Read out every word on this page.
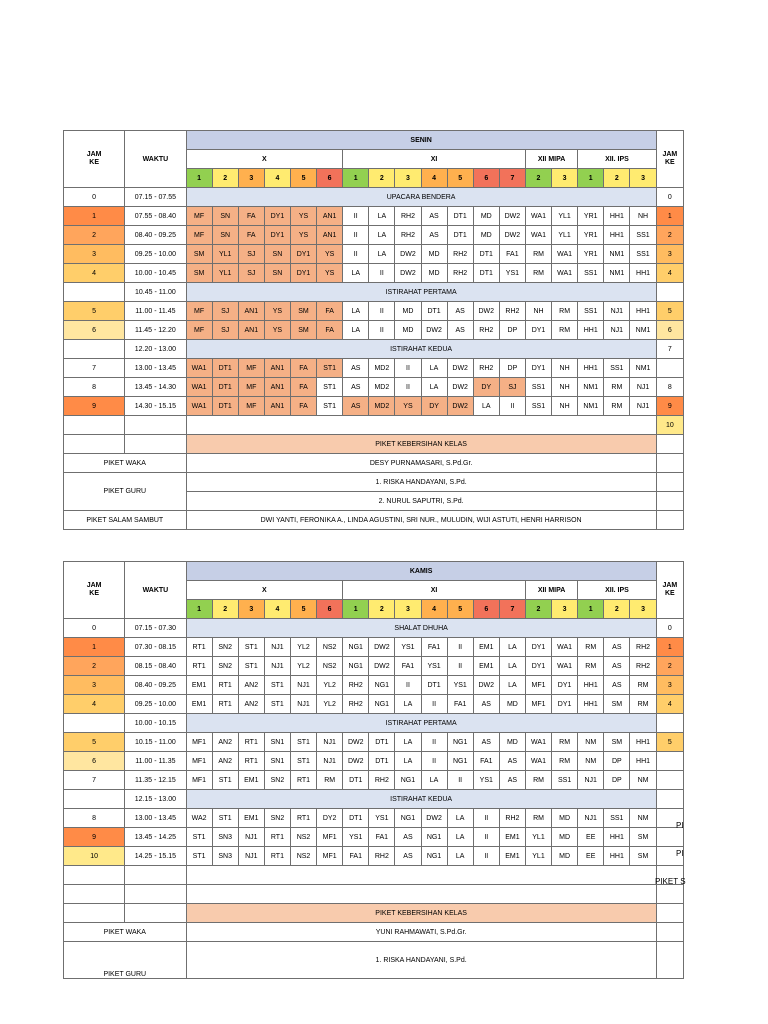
JAM
KE	WAKTU	SENIN																		JAM
KE
		X						XI							XII MIPA		XII. IPS			
		1	2	3	4	5	6	1	2	3	4	5	6	7	2	3	1	2	3	
0	07.15 - 07.55	UPACARA BENDERA																		0
1	07.55 - 08.40	MF	SN	FA	DY1	YS	AN1	II	LA	RH2	AS	DT1	MD	DW2	WA1	YL1	YR1	HH1	NH	1
2	08.40 - 09.25	MF	SN	FA	DY1	YS	AN1	II	LA	RH2	AS	DT1	MD	DW2	WA1	YL1	YR1	HH1	SS1	2
3	09.25 - 10.00	SM	YL1	SJ	SN	DY1	YS	II	LA	DW2	MD	RH2	DT1	FA1	RM	WA1	YR1	NM1	SS1	3
4	10.00 - 10.45	SM	YL1	SJ	SN	DY1	YS	LA	II	DW2	MD	RH2	DT1	YS1	RM	WA1	SS1	NM1	HH1	4
	10.45 - 11.00	ISTIRAHAT PERTAMA																		
5	11.00 - 11.45	MF	SJ	AN1	YS	SM	FA	LA	II	MD	DT1	AS	DW2	RH2	NH	RM	SS1	NJ1	HH1	5
6	11.45 - 12.20	MF	SJ	AN1	YS	SM	FA	LA	II	MD	DW2	AS	RH2	DP	DY1	RM	HH1	NJ1	NM1	6
	12.20 - 13.00	ISTIRAHAT KEDUA																		7
7	13.00 - 13.45	WA1	DT1	MF	AN1	FA	ST1	AS	MD2	II	LA	DW2	RH2	DP	DY1	NH	HH1	SS1	NM1	
8	13.45 - 14.30	WA1	DT1	MF	AN1	FA	ST1	AS	MD2	II	LA	DW2	DY	SJ	SS1	NH	NM1	RM	NJ1	8
9	14.30 - 15.15	WA1	DT1	MF	AN1	FA	ST1	AS	MD2	YS	DY	DW2	LA	II	SS1	NH	NM1	RM	NJ1	9
																				10
		PIKET KEBERSIHAN KELAS																		
PIKET WAKA		DESY PURNAMASARI, S.Pd.Gr.																		
PIKET GURU		1. RISKA HANDAYANI, S.Pd.																		
		2. NURUL SAPUTRI, S.Pd.																		
PIKET SALAM SAMBUT		DWI YANTI, FERONIKA A., LINDA AGUSTINI, SRI NUR., MULUDIN, WIJI ASTUTI, HENRI HARRISON																		
JAM
KE	WAKTU	KAMIS																		JAM
KE
		X						XI							XII MIPA		XII. IPS			
		1	2	3	4	5	6	1	2	3	4	5	6	7	2	3	1	2	3	
0	07.15 - 07.30	SHALAT DHUHA																		0
1	07.30 - 08.15	RT1	SN2	ST1	NJ1	YL2	NS2	NG1	DW2	YS1	FA1	II	EM1	LA	DY1	WA1	RM	AS	RH2	1
2	08.15 - 08.40	RT1	SN2	ST1	NJ1	YL2	NS2	NG1	DW2	FA1	YS1	II	EM1	LA	DY1	WA1	RM	AS	RH2	2
3	08.40 - 09.25	EM1	RT1	AN2	ST1	NJ1	YL2	RH2	NG1	II	DT1	YS1	DW2	LA	MF1	DY1	HH1	AS	RM	3
4	09.25 - 10.00	EM1	RT1	AN2	ST1	NJ1	YL2	RH2	NG1	LA	II	FA1	AS	MD	MF1	DY1	HH1	SM	RM	4
	10.00 - 10.15	ISTIRAHAT PERTAMA																		
5	10.15 - 11.00	MF1	AN2	RT1	SN1	ST1	NJ1	DW2	DT1	LA	II	NG1	AS	MD	WA1	RM	NM	SM	HH1	5
6	11.00 - 11.35	MF1	AN2	RT1	SN1	ST1	NJ1	DW2	DT1	LA	II	NG1	FA1	AS	WA1	RM	NM	DP	HH1	
7	11.35 - 12.15	MF1	ST1	EM1	SN2	RT1	RM	DT1	RH2	NG1	LA	II	YS1	AS	RM	SS1	NJ1	DP	NM	
	12.15 - 13.00	ISTIRAHAT KEDUA																		
8	13.00 - 13.45	WA2	ST1	EM1	SN2	RT1	DY2	DT1	YS1	NG1	DW2	LA	II	RH2	RM	MD	NJ1	SS1	NM	
9	13.45 - 14.25	ST1	SN3	NJ1	RT1	NS2	MF1	YS1	FA1	AS	NG1	LA	II	EM1	YL1	MD	EE	HH1	SM	
10	14.25 - 15.15	ST1	SN3	NJ1	RT1	NS2	MF1	FA1	RH2	AS	NG1	LA	II	EM1	YL1	MD	EE	HH1	SM	

		PIKET KEBERSIHAN KELAS																		
PIKET WAKA		YUNI RAHMAWATI, S.Pd.Gr.																		
PIKET GURU		1. RISKA HANDAYANI, S.Pd.																		
PI
PI
PIKET S
